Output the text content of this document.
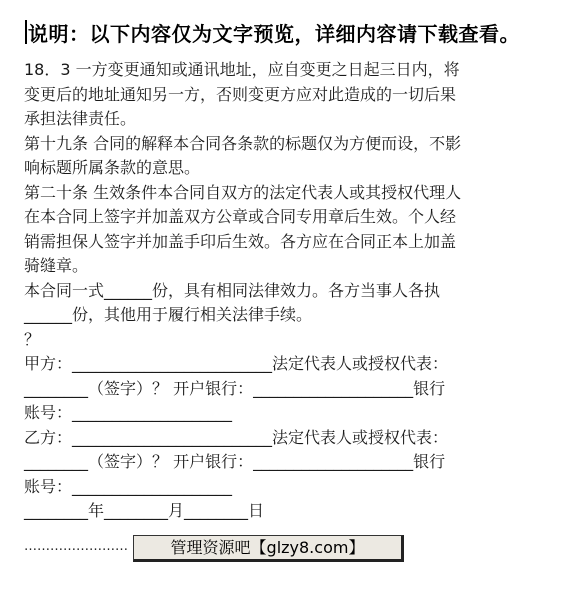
说明：以下内容仅为文字预览，详细内容请下载查看。

18．3 一方变更通知或通讯地址，应自变更之日起三日内，将
变更后的地址通知另一方，否则变更方应对此造成的一切后果
承担法律责任。

第十九条 合同的解释本合同各条款的标题仅为方便而设，不影
响标题所属条款的意思。

第二十条 生效条件本合同自双方的法定代表人或其授权代理人
在本合同上签字并加盖双方公章或合同专用章后生效。个人经
销需担保人签字并加盖手印后生效。各方应在合同正本上加盖
骑缝章。

本合同一式______份，具有相同法律效力。各方当事人各执
______份，其他用于履行相关法律手续。

？

甲方：_________________________法定代表人或授权代表：
________（签字）？ 开户银行：____________________银行
账号：____________________

乙方：_________________________法定代表人或授权代表：
________（签字）？ 开户银行：____________________银行
账号：____________________

________年________月________日

……………………	管理资源吧【glzy8.com】
